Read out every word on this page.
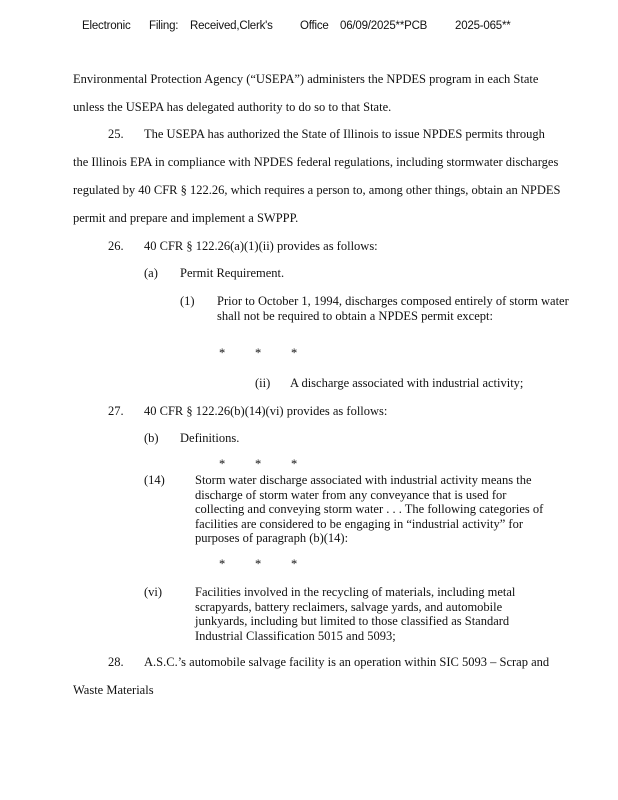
Electronic Filing: Received,Clerk's Office 06/09/2025**PCB 2025-065**
Environmental Protection Agency (“USEPA”) administers the NPDES program in each State
unless the USEPA has delegated authority to do so to that State.
25. The USEPA has authorized the State of Illinois to issue NPDES permits through
the Illinois EPA in compliance with NPDES federal regulations, including stormwater discharges
regulated by 40 CFR § 122.26, which requires a person to, among other things, obtain an NPDES
permit and prepare and implement a SWPPP.
26. 40 CFR § 122.26(a)(1)(ii) provides as follows:
(a) Permit Requirement.
(1) Prior to October 1, 1994, discharges composed entirely of storm water shall not be required to obtain a NPDES permit except:
* * *
(ii) A discharge associated with industrial activity;
27. 40 CFR § 122.26(b)(14)(vi) provides as follows:
(b) Definitions.
* * *
(14) Storm water discharge associated with industrial activity means the discharge of storm water from any conveyance that is used for collecting and conveying storm water . . . The following categories of facilities are considered to be engaging in “industrial activity” for purposes of paragraph (b)(14):
* * *
(vi)	Facilities involved in the recycling of materials, including metal scrapyards, battery reclaimers, salvage yards, and automobile junkyards, including but limited to those classified as Standard Industrial Classification 5015 and 5093;
28. A.S.C.’s automobile salvage facility is an operation within SIC 5093 – Scrap and
Waste Materials
